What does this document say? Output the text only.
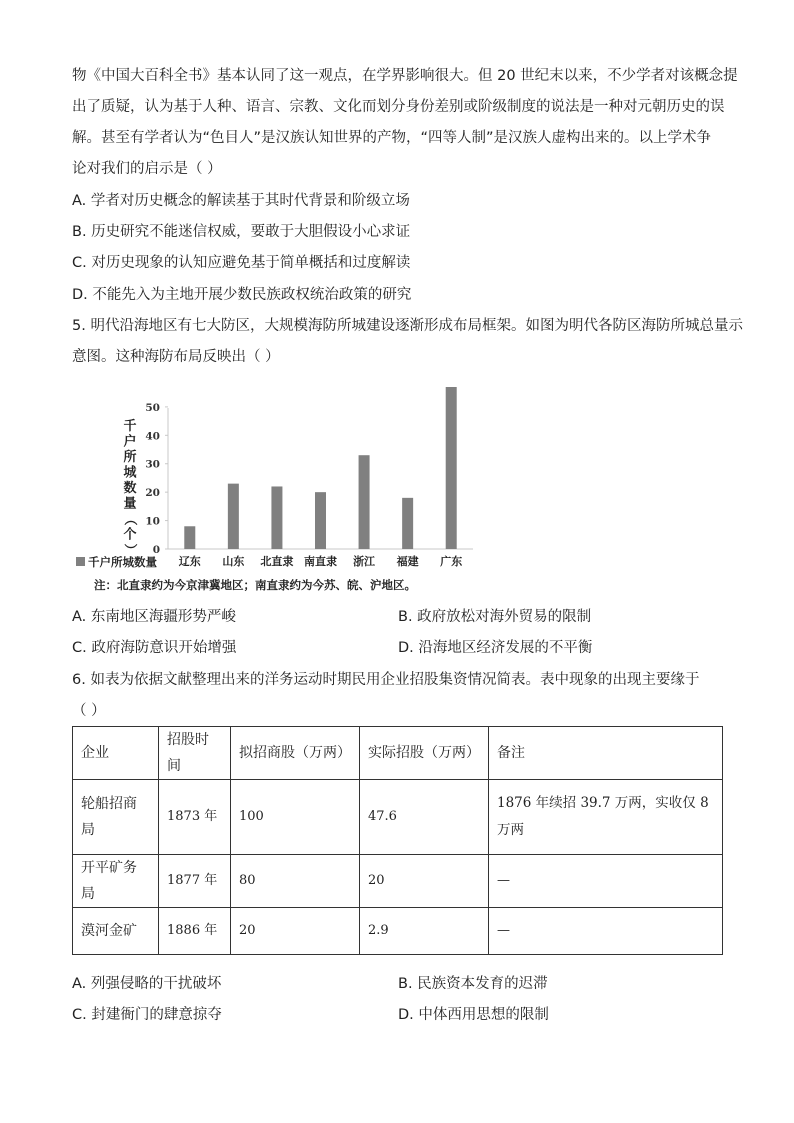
物《中国大百科全书》基本认同了这一观点，在学界影响很大。但 20 世纪末以来，不少学者对该概念提
出了质疑，认为基于人种、语言、宗教、文化而划分身份差别或阶级制度的说法是一种对元朝历史的误
解。甚至有学者认为“色目人”是汉族认知世界的产物，“四等人制”是汉族人虚构出来的。以上学术争
论对我们的启示是（ ）
A. 学者对历史概念的解读基于其时代背景和阶级立场
B. 历史研究不能迷信权威，要敢于大胆假设小心求证
C. 对历史现象的认知应避免基于简单概括和过度解读
D. 不能先入为主地开展少数民族政权统治政策的研究
5. 明代沿海地区有七大防区，大规模海防所城建设逐渐形成布局框架。如图为明代各防区海防所城总量示
意图。这种海防布局反映出（ ）
0
10
20
30
40
50
千
户
所
城
数
量
（
个
）
辽东 山东 北直隶 南直隶 浙江 福建 广东
千户所城数量
注：北直隶约为今京津冀地区；南直隶约为今苏、皖、沪地区。
A. 东南地区海疆形势严峻	B. 政府放松对海外贸易的限制
C. 政府海防意识开始增强	D. 沿海地区经济发展的不平衡
6. 如表为依据文献整理出来的洋务运动时期民用企业招股集资情况简表。表中现象的出现主要缘于
（ ）
企业	招股时间	拟招商股（万两）	实际招股（万两）	备注
轮船招商局	1873 年	100	47.6	1876 年续招 39.7 万两，实收仅 8 万两
开平矿务局	1877 年	80	20	—
漠河金矿	1886 年	20	2.9	—
A. 列强侵略的干扰破坏	B. 民族资本发育的迟滞
C. 封建衙门的肆意掠夺	D. 中体西用思想的限制
